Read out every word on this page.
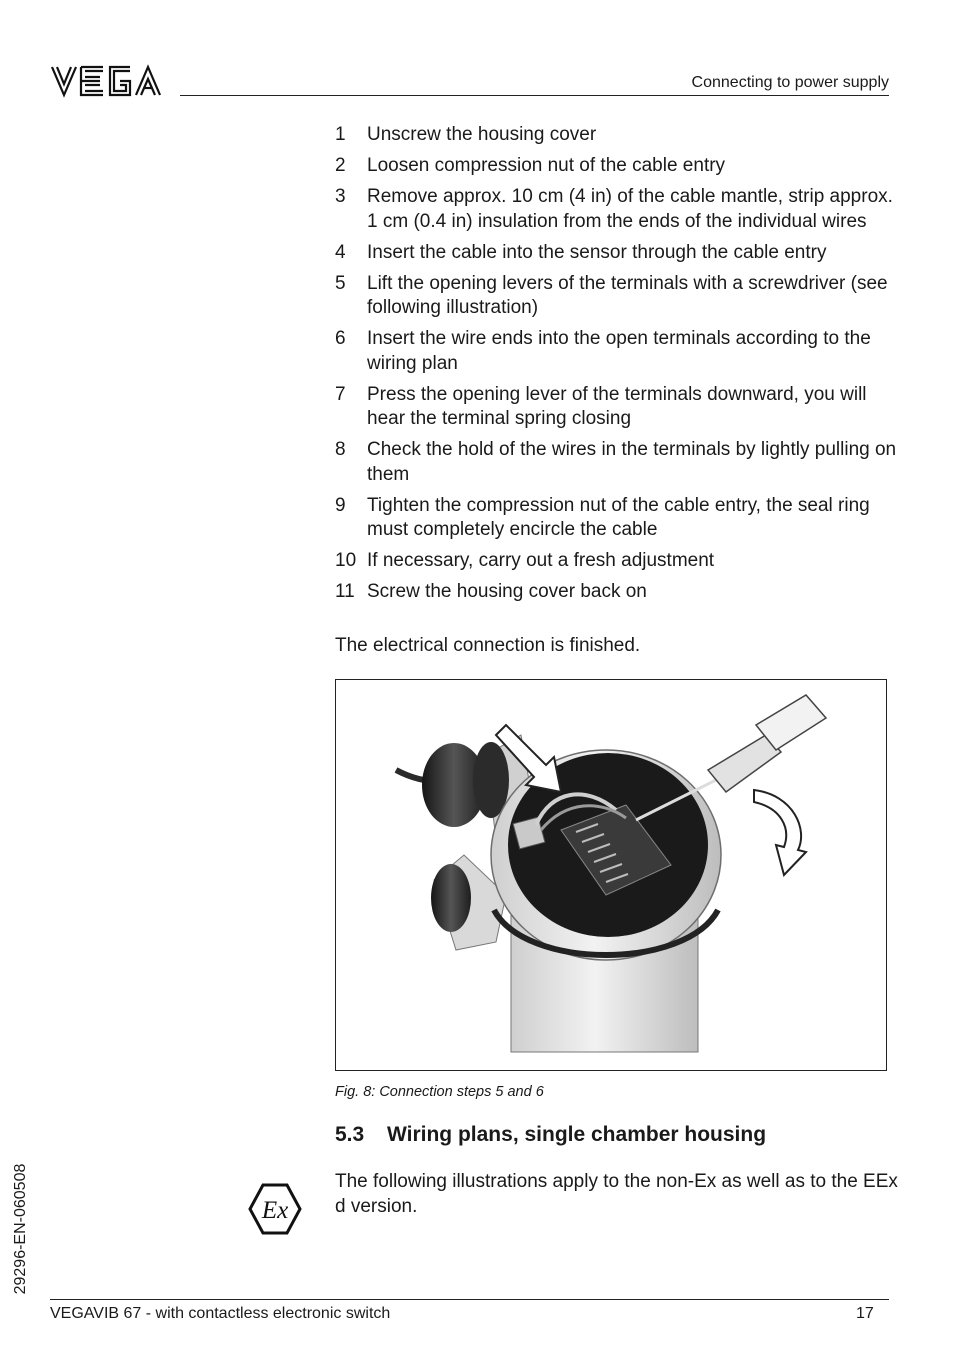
Connecting to power supply
1 Unscrew the housing cover
2 Loosen compression nut of the cable entry
3 Remove approx. 10 cm (4 in) of the cable mantle, strip approx. 1 cm (0.4 in) insulation from the ends of the individual wires
4 Insert the cable into the sensor through the cable entry
5 Lift the opening levers of the terminals with a screwdriver (see following illustration)
6 Insert the wire ends into the open terminals according to the wiring plan
7 Press the opening lever of the terminals downward, you will hear the terminal spring closing
8 Check the hold of the wires in the terminals by lightly pulling on them
9 Tighten the compression nut of the cable entry, the seal ring must completely encircle the cable
10 If necessary, carry out a fresh adjustment
11 Screw the housing cover back on
The electrical connection is finished.
Fig. 8: Connection steps 5 and 6
5.3 Wiring plans, single chamber housing
Ex

The following illustrations apply to the non-Ex as well as to the EEx d version.

29296-EN-060508
VEGAVIB 67 - with contactless electronic switch	17
